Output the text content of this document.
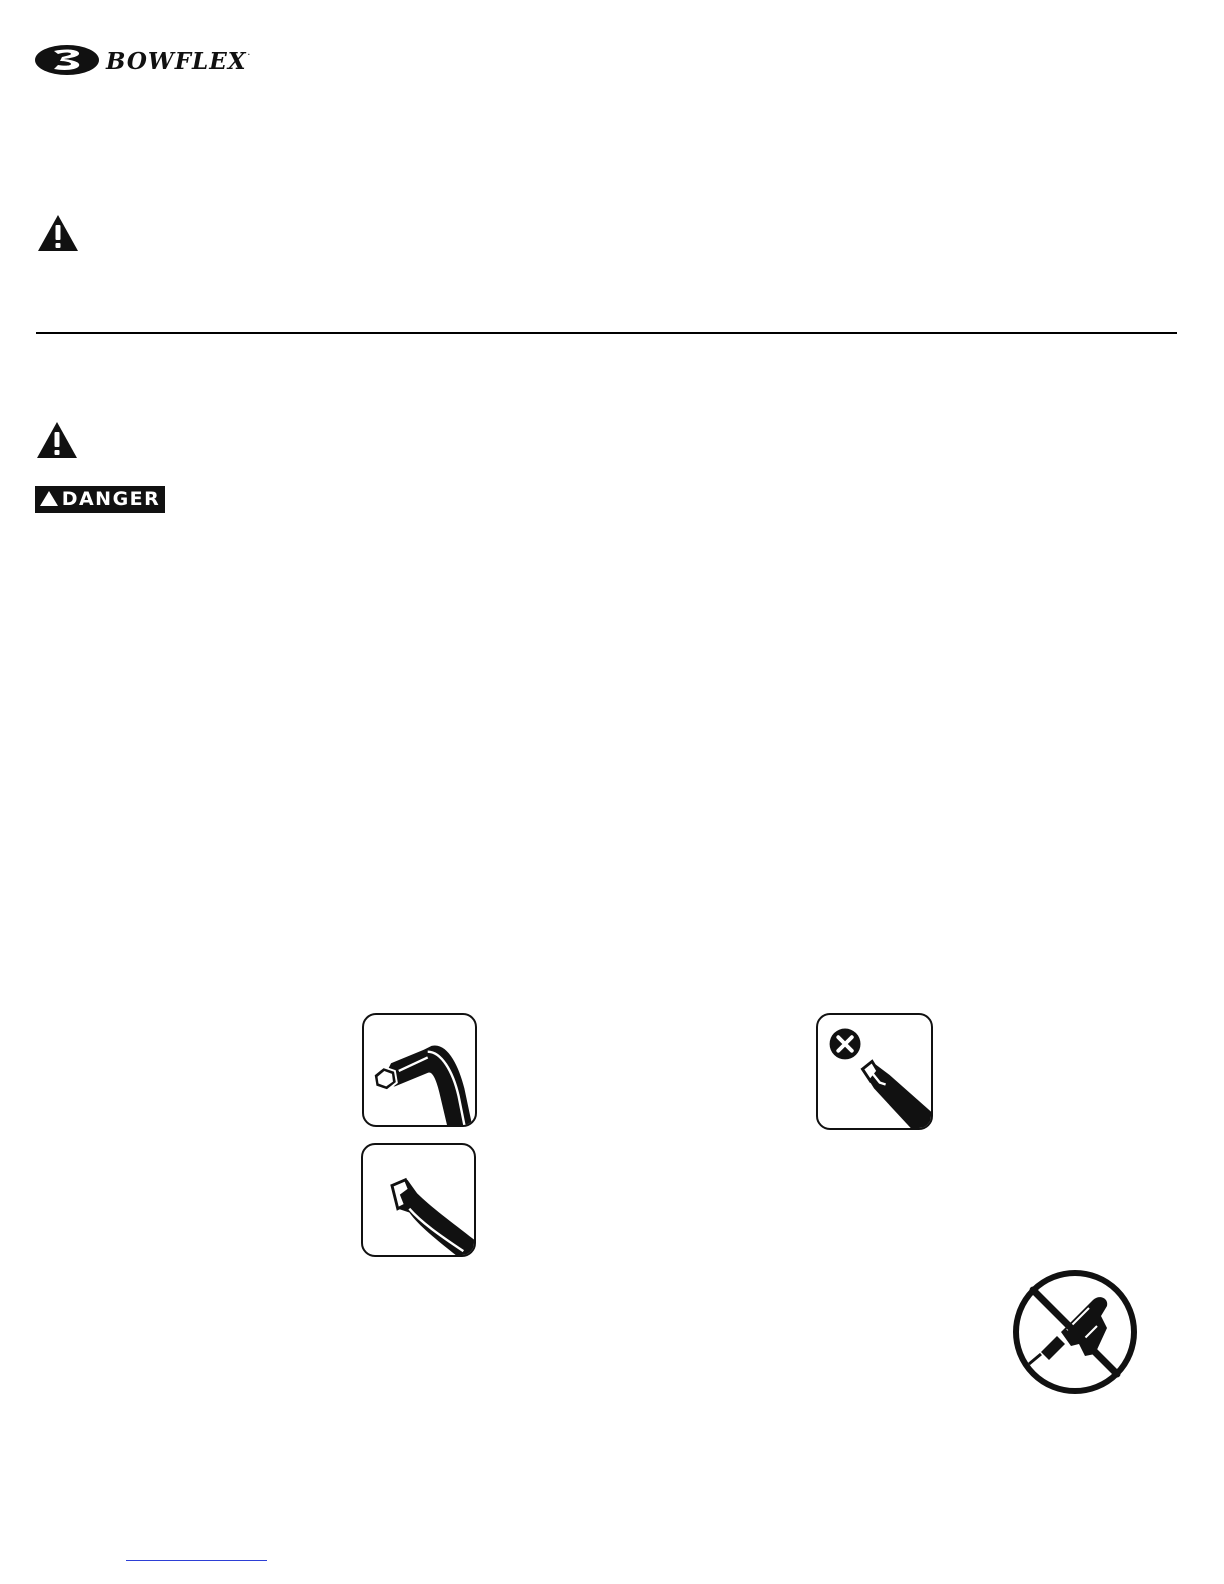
BOWFLEX.
DANGER
